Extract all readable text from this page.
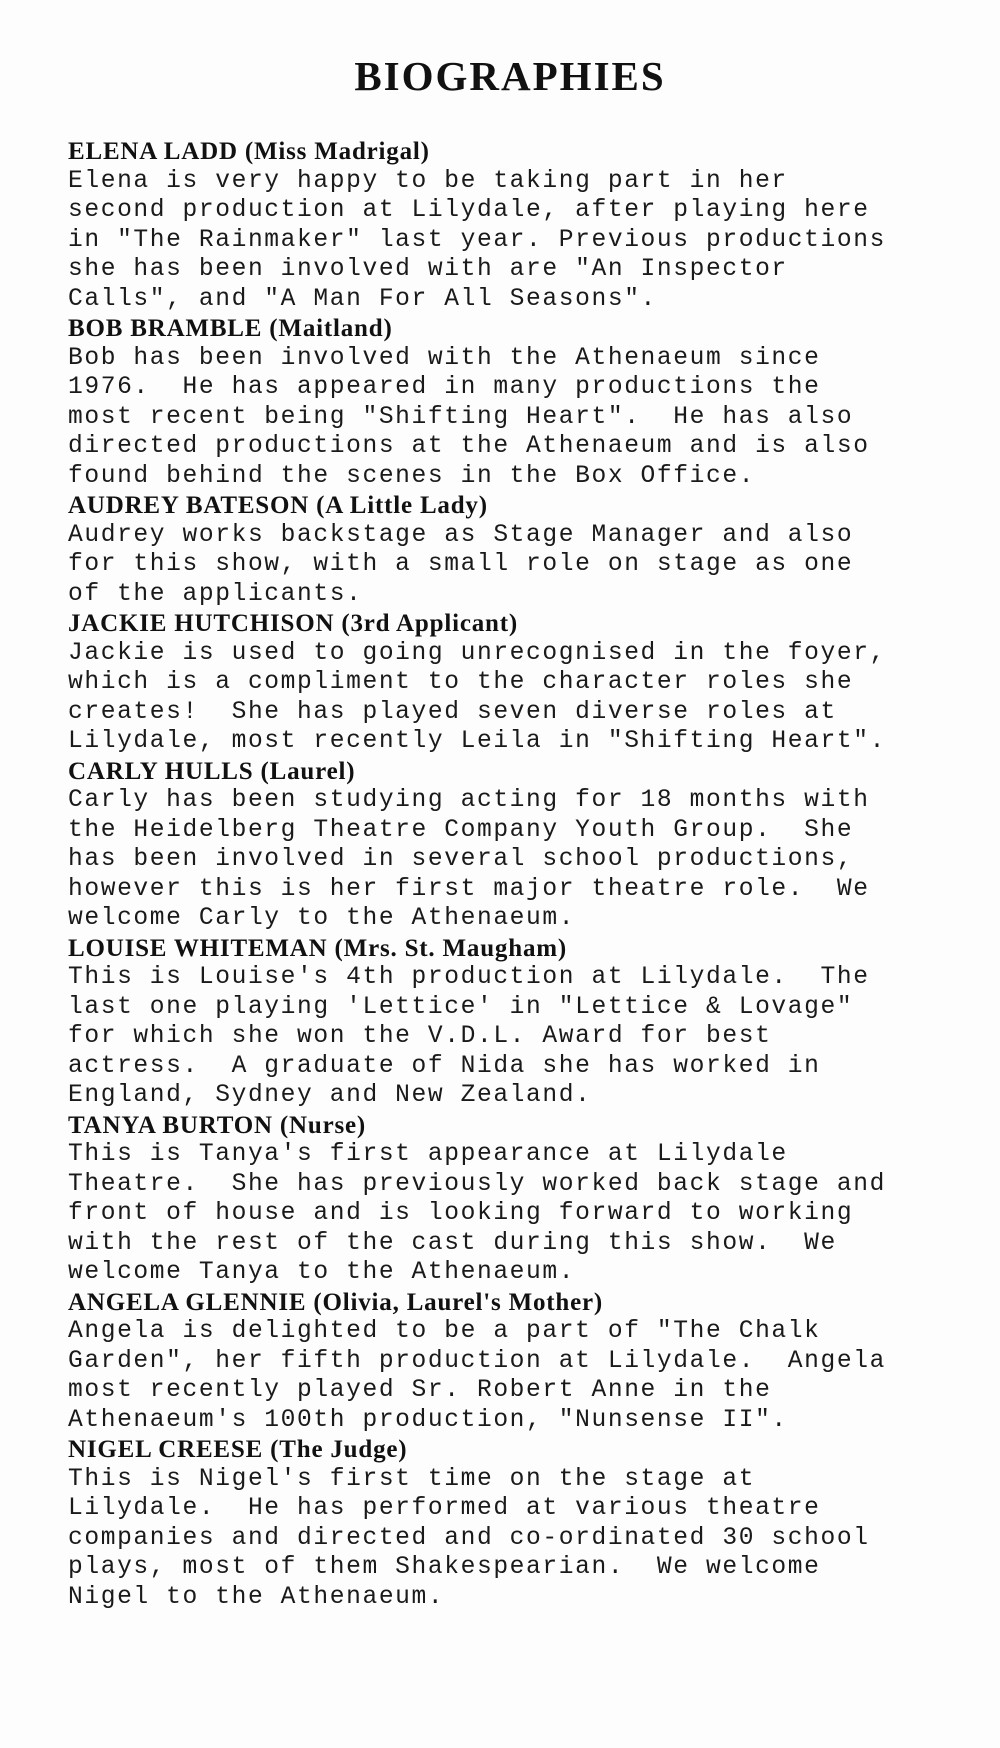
BIOGRAPHIES
ELENA LADD (Miss Madrigal)
Elena is very happy to be taking part in her
second production at Lilydale, after playing here
in "The Rainmaker" last year. Previous productions
she has been involved with are "An Inspector
Calls", and "A Man For All Seasons".
BOB BRAMBLE (Maitland)
Bob has been involved with the Athenaeum since
1976.  He has appeared in many productions the
most recent being "Shifting Heart".  He has also
directed productions at the Athenaeum and is also
found behind the scenes in the Box Office.
AUDREY BATESON (A Little Lady)
Audrey works backstage as Stage Manager and also
for this show, with a small role on stage as one
of the applicants.
JACKIE HUTCHISON (3rd Applicant)
Jackie is used to going unrecognised in the foyer,
which is a compliment to the character roles she
creates!  She has played seven diverse roles at
Lilydale, most recently Leila in "Shifting Heart".
CARLY HULLS (Laurel)
Carly has been studying acting for 18 months with
the Heidelberg Theatre Company Youth Group.  She
has been involved in several school productions,
however this is her first major theatre role.  We
welcome Carly to the Athenaeum.
LOUISE WHITEMAN (Mrs. St. Maugham)
This is Louise's 4th production at Lilydale.  The
last one playing 'Lettice' in "Lettice & Lovage"
for which she won the V.D.L. Award for best
actress.  A graduate of Nida she has worked in
England, Sydney and New Zealand.
TANYA BURTON (Nurse)
This is Tanya's first appearance at Lilydale
Theatre.  She has previously worked back stage and
front of house and is looking forward to working
with the rest of the cast during this show.  We
welcome Tanya to the Athenaeum.
ANGELA GLENNIE (Olivia, Laurel's Mother)
Angela is delighted to be a part of "The Chalk
Garden", her fifth production at Lilydale.  Angela
most recently played Sr. Robert Anne in the
Athenaeum's 100th production, "Nunsense II".
NIGEL CREESE (The Judge)
This is Nigel's first time on the stage at
Lilydale.  He has performed at various theatre
companies and directed and co-ordinated 30 school
plays, most of them Shakespearian.  We welcome
Nigel to the Athenaeum.
